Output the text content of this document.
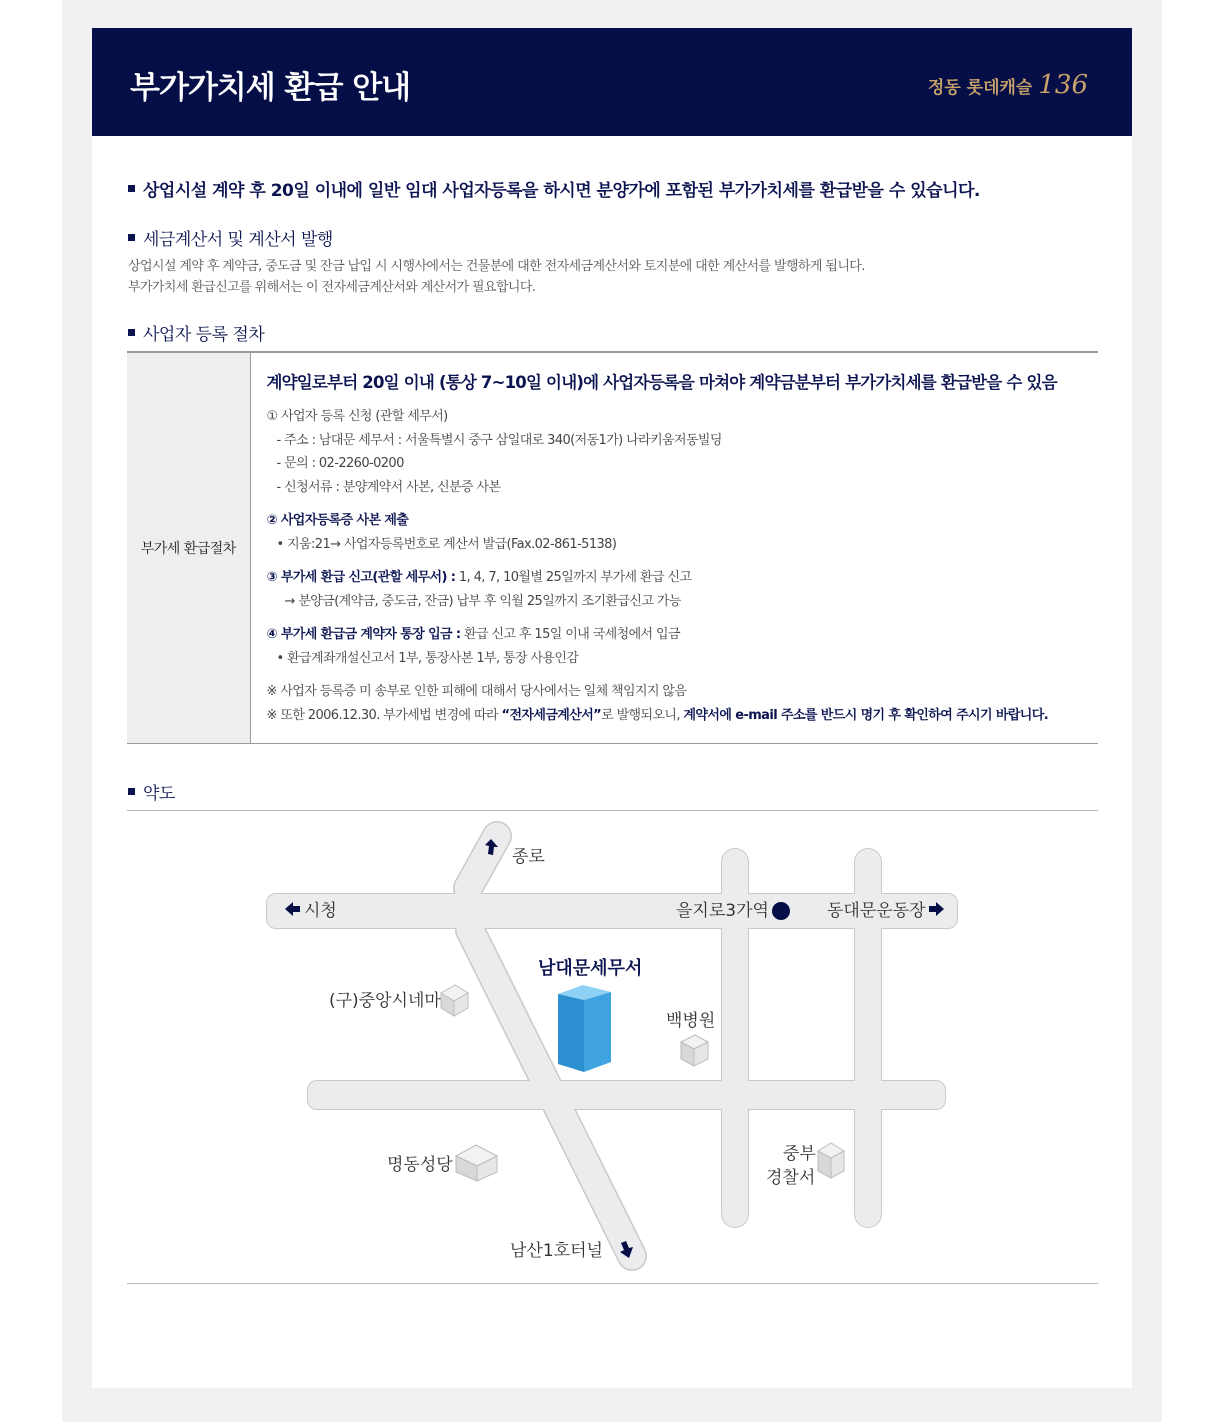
부가가치세 환급 안내	정동 롯데캐슬 136
상업시설 계약 후 20일 이내에 일반 임대 사업자등록을 하시면 분양가에 포함된 부가가치세를 환급받을 수 있습니다.
세금계산서 및 계산서 발행
상업시설 계약 후 계약금, 중도금 및 잔금 납입 시 시행사에서는 건물분에 대한 전자세금계산서와 토지분에 대한 계산서를 발행하게 됩니다.
부가가치세 환급신고를 위해서는 이 전자세금계산서와 계산서가 필요합니다.
사업자 등록 절차
부가세 환급절차	
계약일로부터 20일 이내 (통상 7~10일 이내)에 사업자등록을 마쳐야 계약금분부터 부가가치세를 환급받을 수 있음
① 사업자 등록 신청 (관할 세무서)
- 주소 : 남대문 세무서 : 서울특별시 중구 삼일대로 340(저동1가) 나라키움저동빌딩
- 문의 : 02-2260-0200
- 신청서류 : 분양계약서 사본, 신분증 사본
② 사업자등록증 사본 제출
• 지움:21→ 사업자등록번호로 계산서 발급(Fax.02-861-5138)
③ 부가세 환급 신고(관할 세무서) : 1, 4, 7, 10월별 25일까지 부가세 환급 신고
→ 분양금(계약금, 중도금, 잔금) 납부 후 익월 25일까지 조기환급신고 가능
④ 부가세 환급금 계약자 통장 입금 : 환급 신고 후 15일 이내 국세청에서 입금
• 환급계좌개설신고서 1부, 통장사본 1부, 통장 사용인감
※ 사업자 등록증 미 송부로 인한 피해에 대해서 당사에서는 일체 책임지지 않음
※ 또한 2006.12.30. 부가세법 변경에 따라 “전자세금계산서”로 발행되오니, 계약서에 e-mail 주소를 반드시 명기 후 확인하여 주시기 바랍니다.
약도
종로
시청	을지로3가역	동대문운동장
남대문세무서
(구)중앙시네마
백병원
명동성당
중부
경찰서
남산1호터널
